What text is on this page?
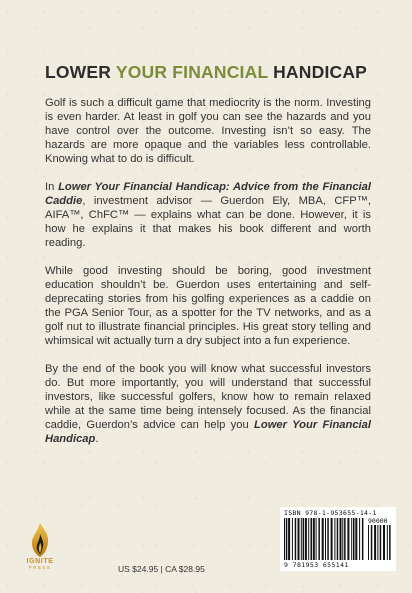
LOWER YOUR FINANCIAL HANDICAP

Golf is such a difficult game that mediocrity is the norm. Investing is even harder. At least in golf you can see the hazards and you have control over the outcome. Investing isn’t so easy. The hazards are more opaque and the variables less controllable. Knowing what to do is difficult.

In Lower Your Financial Handicap: Advice from the Financial Caddie, investment advisor — Guerdon Ely, MBA, CFP™, AIFA™, ChFC™ — explains what can be done. However, it is how he explains it that makes his book different and worth reading.

While good investing should be boring, good investment education shouldn’t be. Guerdon uses entertaining and self-deprecating stories from his golfing experiences as a caddie on the PGA Senior Tour, as a spotter for the TV networks, and as a golf nut to illustrate financial principles. His great story telling and whimsical wit actually turn a dry subject into a fun experience.

By the end of the book you will know what successful investors do. But more importantly, you will understand that successful investors, like successful golfers, know how to remain relaxed while at the same time being intensely focused. As the financial caddie, Guerdon’s advice can help you Lower Your Financial Handicap.

IGNITE
PRESS	US $24.95 | CA $28.95
ISBN 978-1-953655-14-1
90000
9 781953 655141
